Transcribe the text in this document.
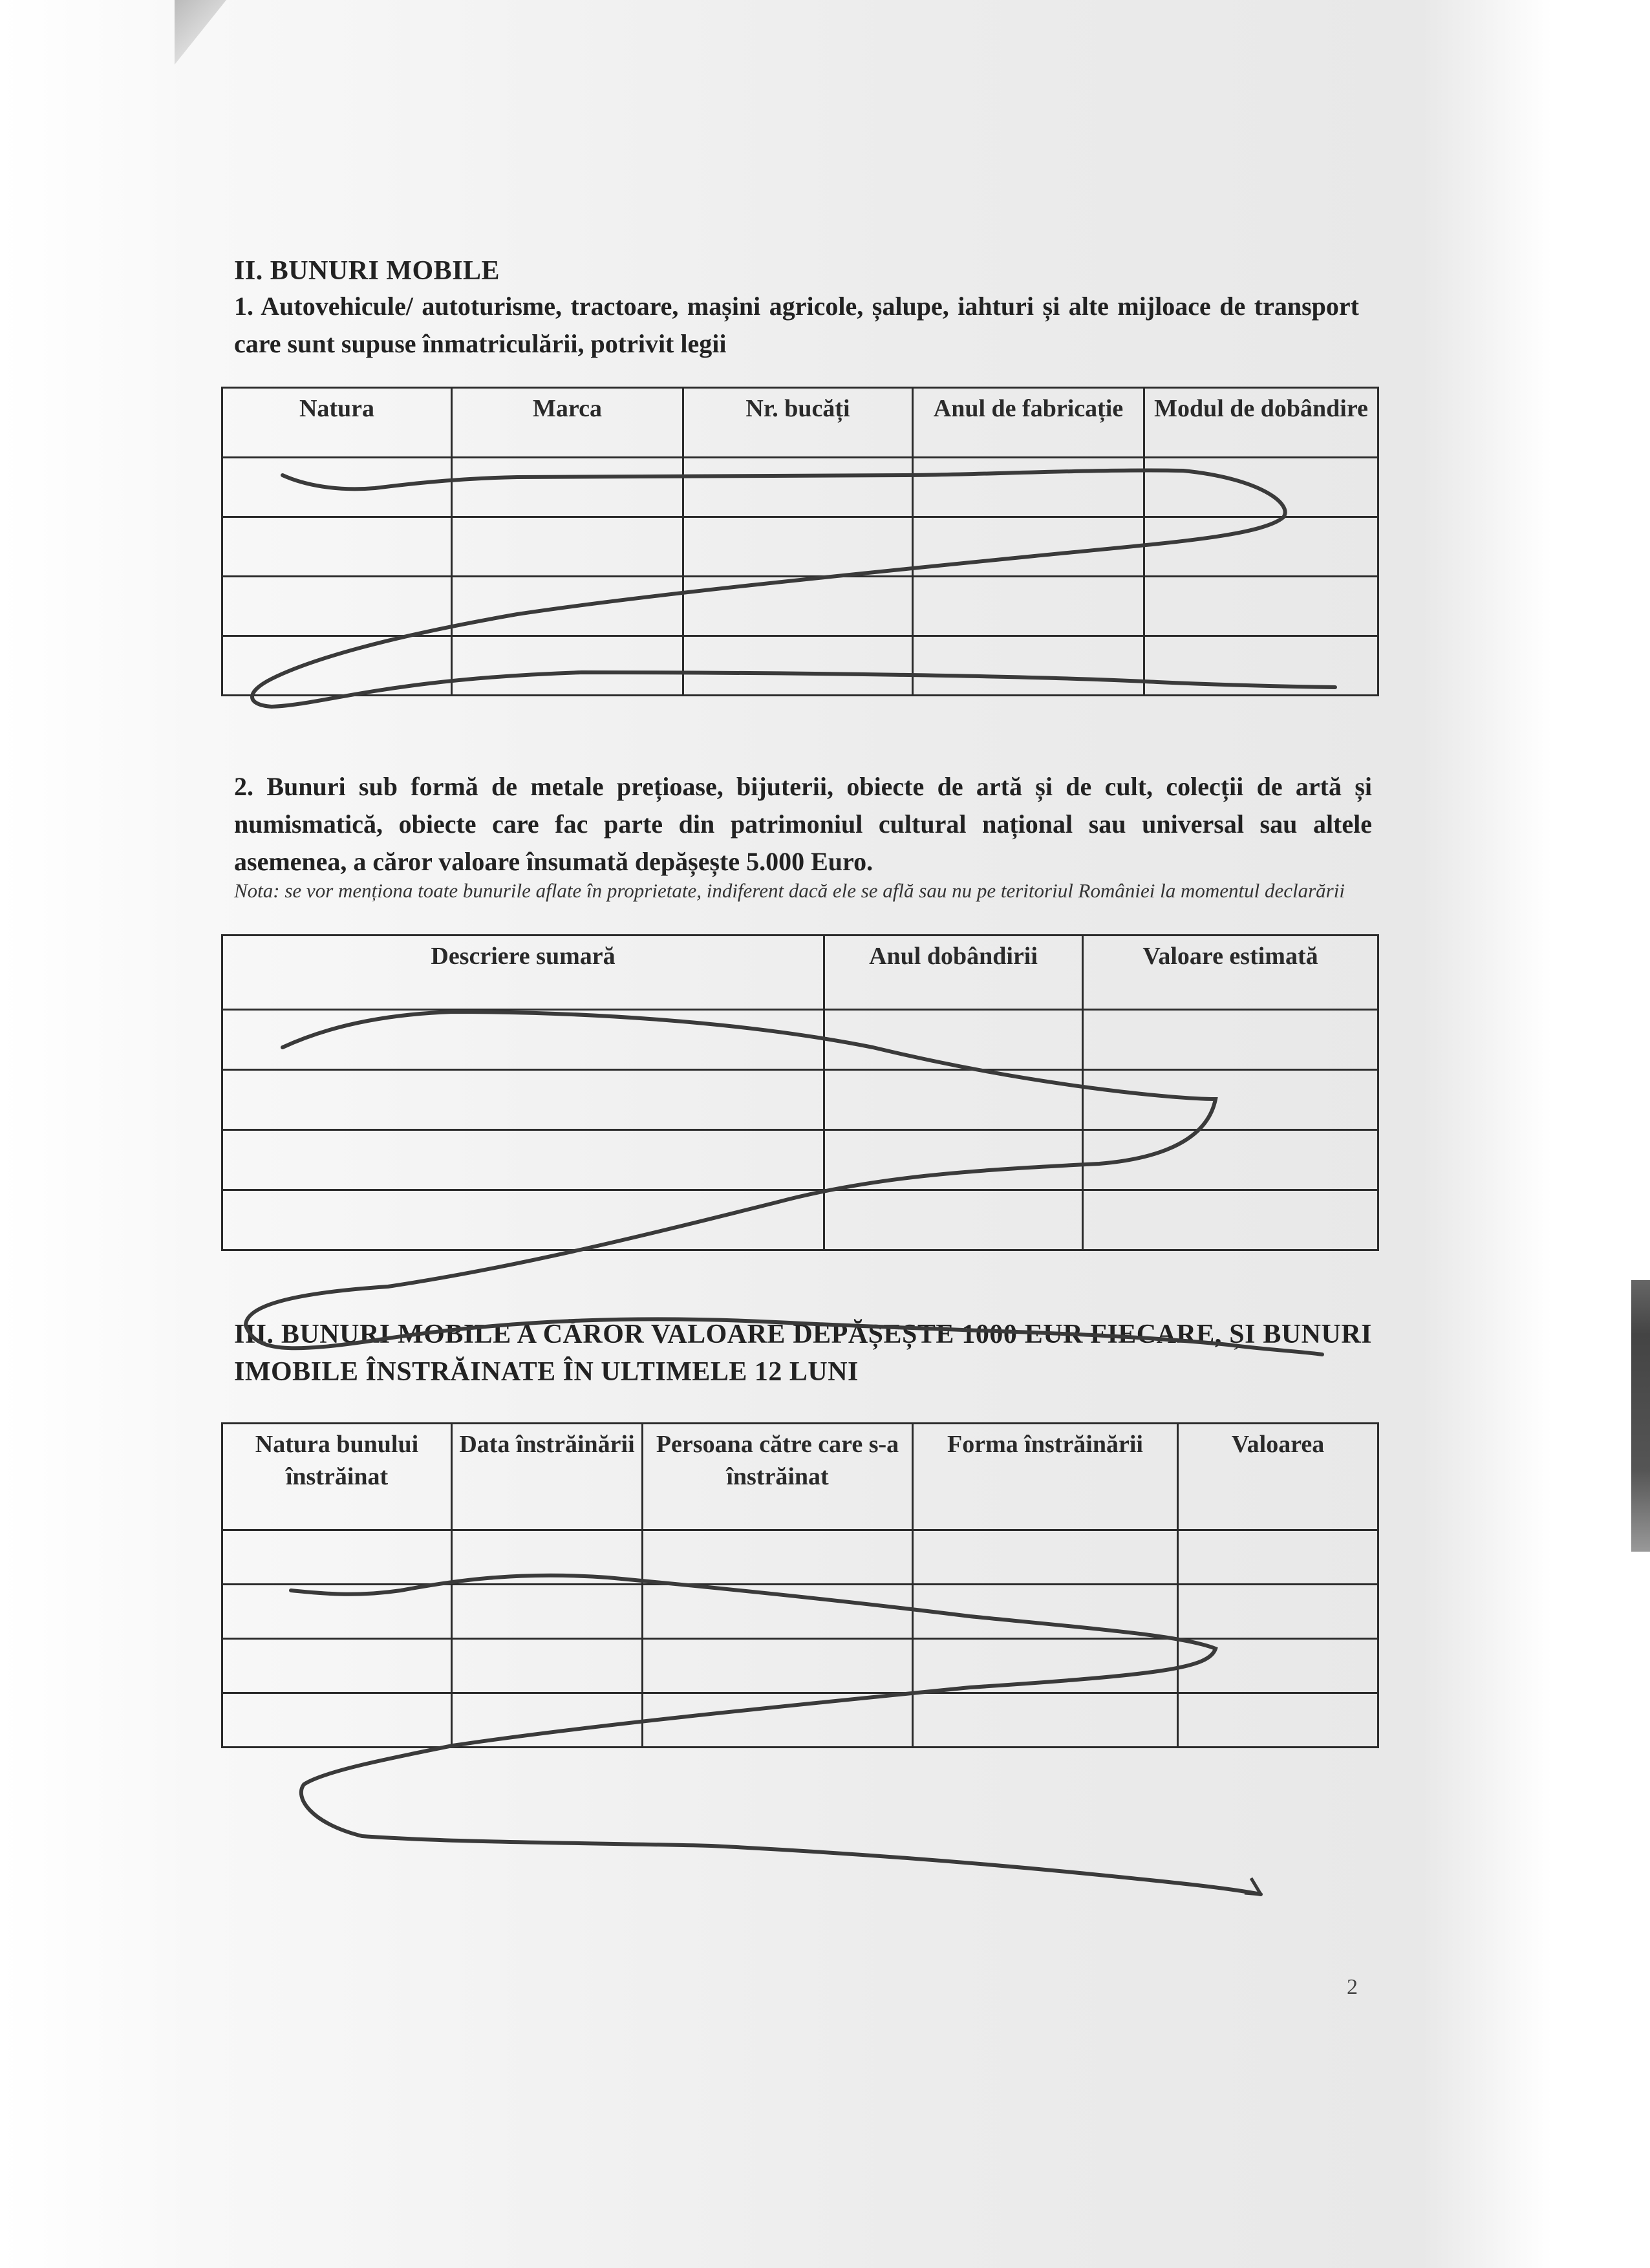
II. BUNURI MOBILE
1. Autovehicule/ autoturisme, tractoare, mașini agricole, șalupe, iahturi și alte mijloace de transport care sunt supuse înmatriculării, potrivit legii
Natura	Marca	Nr. bucăți	Anul de fabricație	Modul de dobândire

2. Bunuri sub formă de metale prețioase, bijuterii, obiecte de artă și de cult, colecții de artă și numismatică, obiecte care fac parte din patrimoniul cultural național sau universal sau altele asemenea, a căror valoare însumată depășește 5.000 Euro.
Nota: se vor menționa toate bunurile aflate în proprietate, indiferent dacă ele se află sau nu pe teritoriul României la momentul declarării
Descriere sumară	Anul dobândirii	Valoare estimată

III. BUNURI MOBILE A CĂROR VALOARE DEPĂȘEȘTE 1000 EUR FIECARE, ȘI BUNURI IMOBILE ÎNSTRĂINATE ÎN ULTIMELE 12 LUNI
Natura bunului înstrăinat	Data înstrăinării	Persoana către care s-a înstrăinat	Forma înstrăinării	Valoarea

2
